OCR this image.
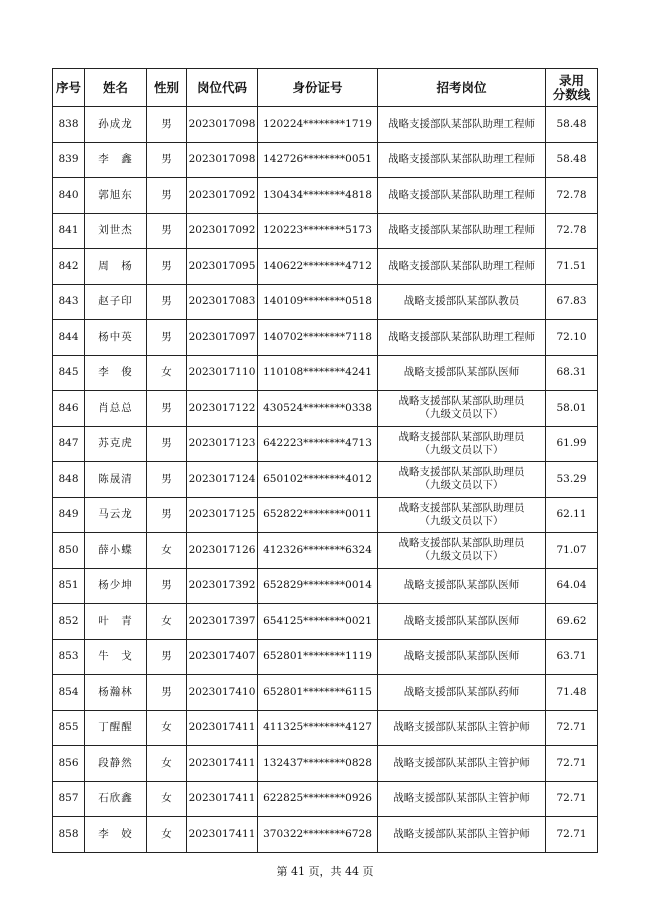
序号	姓名	性别	岗位代码	身份证号	招考岗位	录用
分数线

838	孙成龙	男	2023017098	120224********1719	战略支援部队某部队助理工程师	58.48
839	李　鑫	男	2023017098	142726********0051	战略支援部队某部队助理工程师	58.48
840	郭旭东	男	2023017092	130434********4818	战略支援部队某部队助理工程师	72.78
841	刘世杰	男	2023017092	120223********5173	战略支援部队某部队助理工程师	72.78
842	周　杨	男	2023017095	140622********4712	战略支援部队某部队助理工程师	71.51
843	赵子印	男	2023017083	140109********0518	战略支援部队某部队教员	67.83
844	杨中英	男	2023017097	140702********7118	战略支援部队某部队助理工程师	72.10
845	李　俊	女	2023017110	110108********4241	战略支援部队某部队医师	68.31
846	肖总总	男	2023017122	430524********0338	战略支援部队某部队助理员
（九级文员以下）	58.01
847	苏克虎	男	2023017123	642223********4713	战略支援部队某部队助理员
（九级文员以下）	61.99
848	陈晟清	男	2023017124	650102********4012	战略支援部队某部队助理员
（九级文员以下）	53.29
849	马云龙	男	2023017125	652822********0011	战略支援部队某部队助理员
（九级文员以下）	62.11
850	薛小蝶	女	2023017126	412326********6324	战略支援部队某部队助理员
（九级文员以下）	71.07
851	杨少坤	男	2023017392	652829********0014	战略支援部队某部队医师	64.04
852	叶　青	女	2023017397	654125********0021	战略支援部队某部队医师	69.62
853	牛　戈	男	2023017407	652801********1119	战略支援部队某部队医师	63.71
854	杨瀚林	男	2023017410	652801********6115	战略支援部队某部队药师	71.48
855	丁醒醒	女	2023017411	411325********4127	战略支援部队某部队主管护师	72.71
856	段静然	女	2023017411	132437********0828	战略支援部队某部队主管护师	72.71
857	石欣鑫	女	2023017411	622825********0926	战略支援部队某部队主管护师	72.71
858	李　姣	女	2023017411	370322********6728	战略支援部队某部队主管护师	72.71
第 41 页，共 44 页
